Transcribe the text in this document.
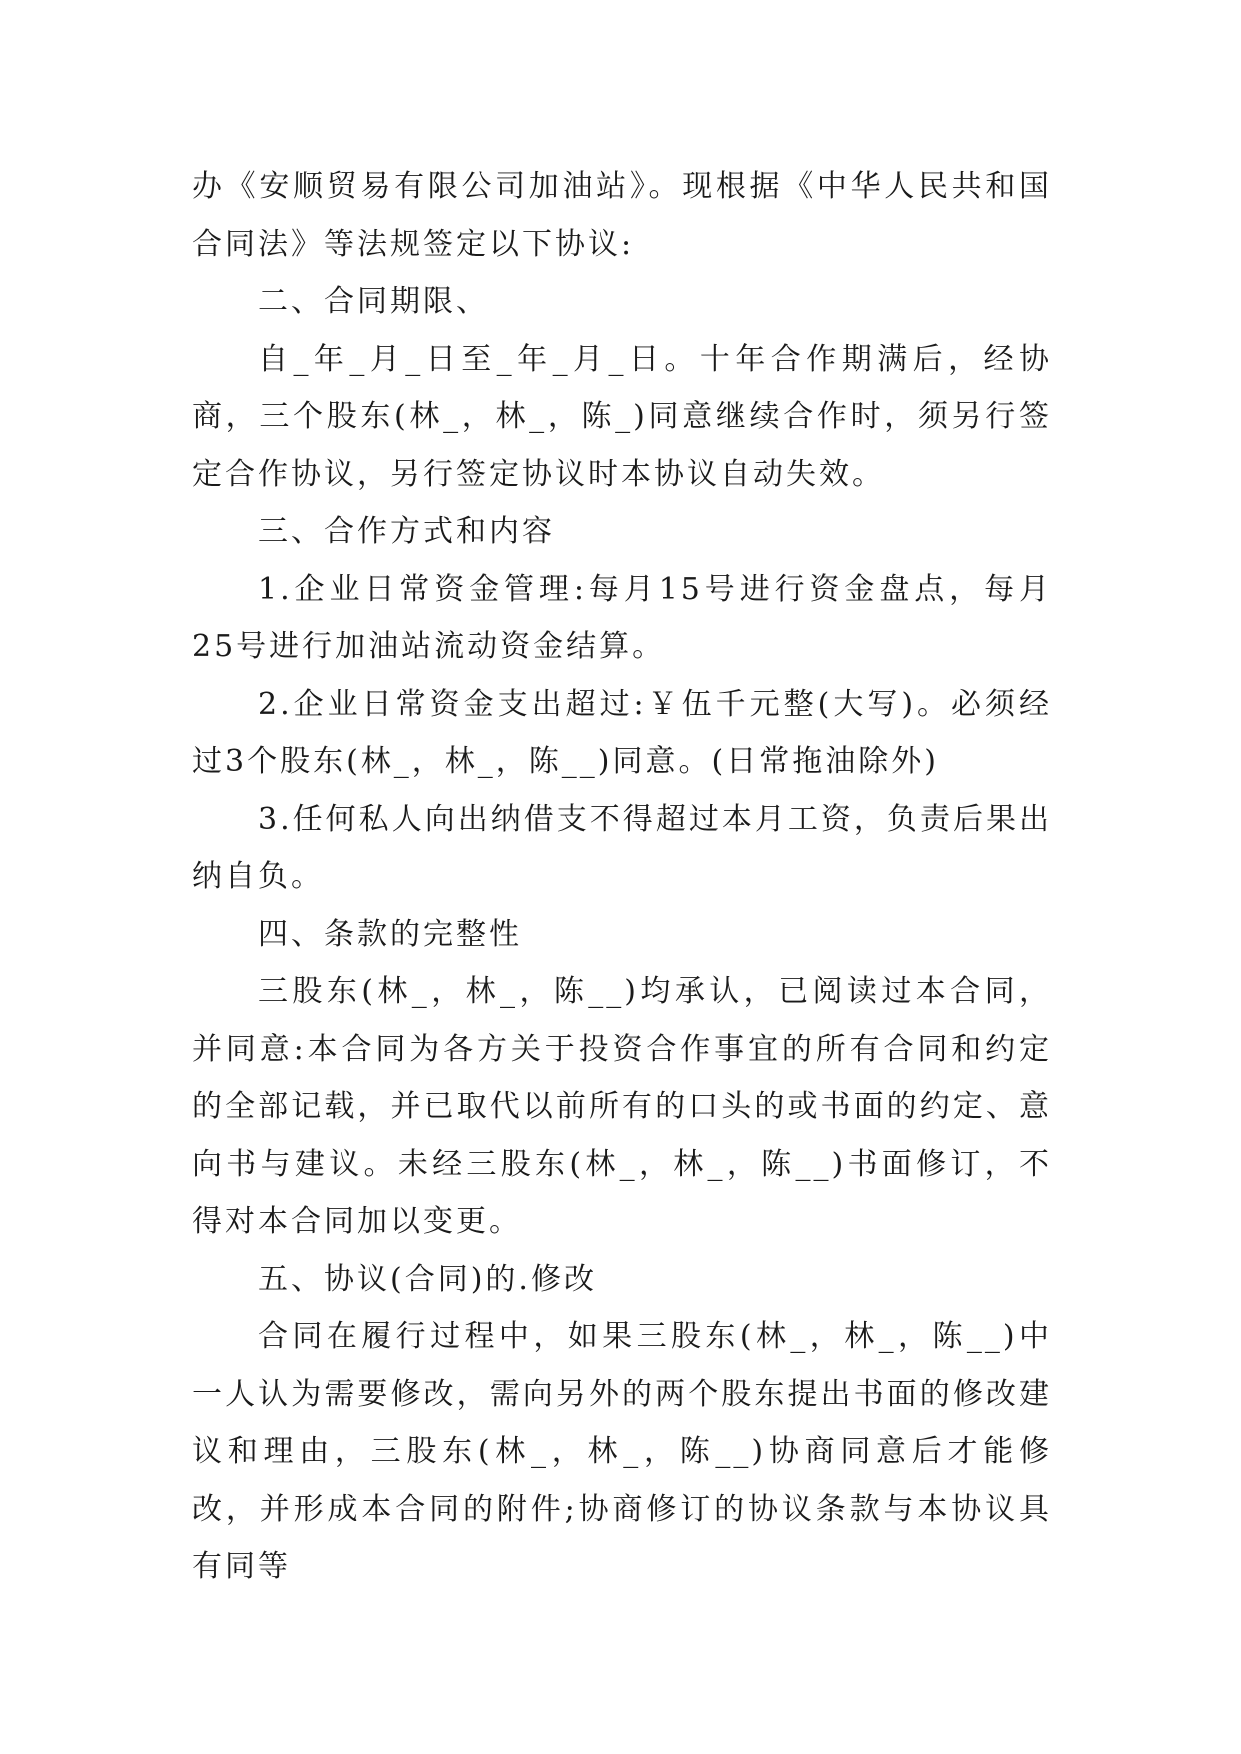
办《安顺贸易有限公司加油站》。现根据《中华人民共和国合同法》等法规签定以下协议:

二、合同期限、

自_年_月_日至_年_月_日。十年合作期满后，经协商，三个股东(林_，林_，陈_)同意继续合作时，须另行签定合作协议，另行签定协议时本协议自动失效。

三、合作方式和内容

1.企业日常资金管理:每月15号进行资金盘点，每月25号进行加油站流动资金结算。

2.企业日常资金支出超过:￥伍千元整(大写)。必须经过3个股东(林_，林_，陈__)同意。(日常拖油除外)

3.任何私人向出纳借支不得超过本月工资，负责后果出纳自负。

四、条款的完整性

三股东(林_，林_，陈__)均承认，已阅读过本合同，并同意:本合同为各方关于投资合作事宜的所有合同和约定的全部记载，并已取代以前所有的口头的或书面的约定、意向书与建议。未经三股东(林_，林_，陈__)书面修订，不得对本合同加以变更。

五、协议(合同)的.修改

合同在履行过程中，如果三股东(林_，林_，陈__)中一人认为需要修改，需向另外的两个股东提出书面的修改建议和理由，三股东(林_，林_，陈__)协商同意后才能修改，并形成本合同的附件;协商修订的协议条款与本协议具有同等
